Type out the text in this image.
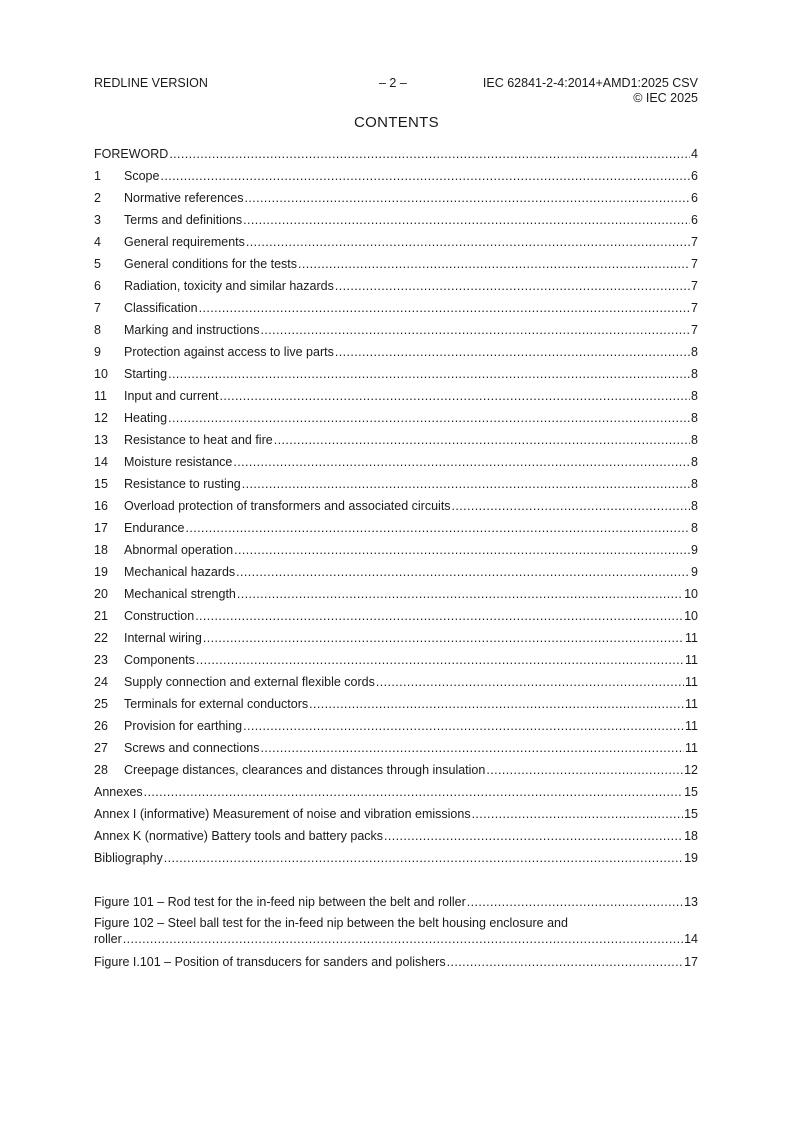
REDLINE VERSION	– 2 –	IEC 62841-2-4:2014+AMD1:2025 CSV
© IEC 2025
CONTENTS
FOREWORD .....	4
1	Scope .....	6
2	Normative references .....	6
3	Terms and definitions .....	6
4	General requirements .....	7
5	General conditions for the tests .....	7
6	Radiation, toxicity and similar hazards .....	7
7	Classification .....	7
8	Marking and instructions .....	7
9	Protection against access to live parts .....	8
10	Starting .....	8
11	Input and current .....	8
12	Heating .....	8
13	Resistance to heat and fire .....	8
14	Moisture resistance .....	8
15	Resistance to rusting .....	8
16	Overload protection of transformers and associated circuits .....	8
17	Endurance .....	8
18	Abnormal operation .....	9
19	Mechanical hazards .....	9
20	Mechanical strength .....	10
21	Construction .....	10
22	Internal wiring .....	11
23	Components .....	11
24	Supply connection and external flexible cords .....	11
25	Terminals for external conductors .....	11
26	Provision for earthing .....	11
27	Screws and connections .....	11
28	Creepage distances, clearances and distances through insulation .....	12
Annexes .....	15
Annex I (informative) Measurement of noise and vibration emissions .....	15
Annex K (normative) Battery tools and battery packs .....	18
Bibliography .....	19
Figure 101 – Rod test for the in-feed nip between the belt and roller .....	13
Figure 102 – Steel ball test for the in-feed nip between the belt housing enclosure and
roller .....	14
Figure I.101 – Position of transducers for sanders and polishers .....	17
